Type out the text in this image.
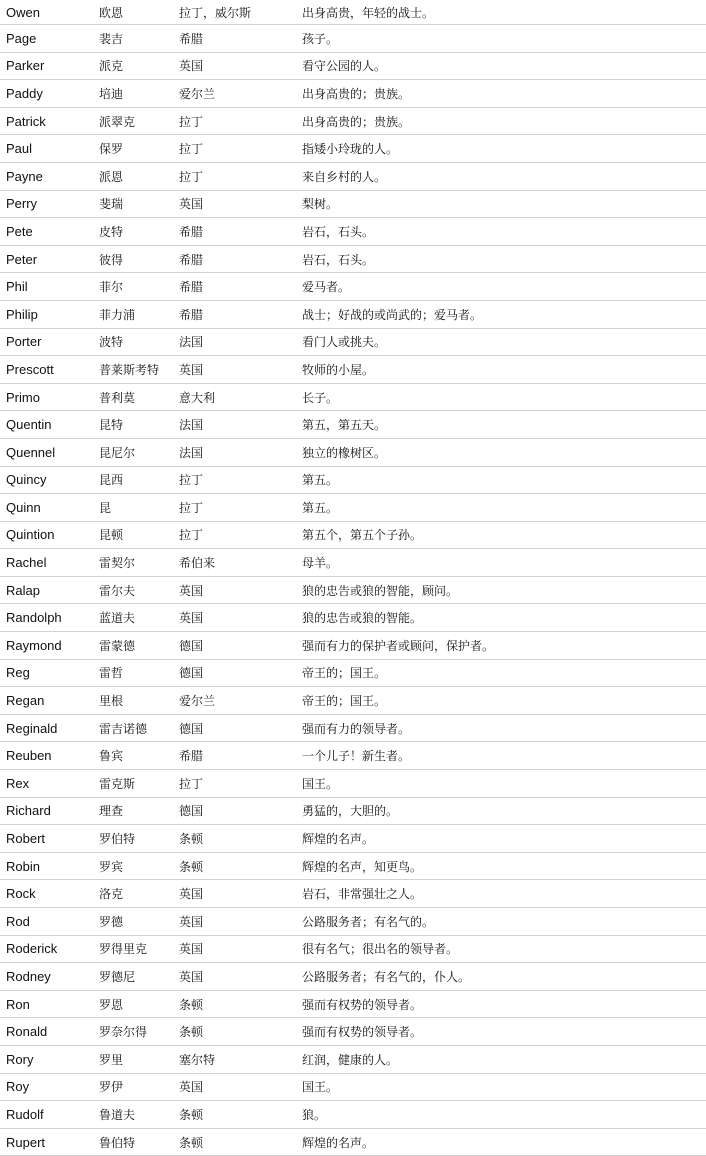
Owen	欧恩	拉丁，威尔斯	出身高贵，年轻的战士。
Page	裴吉	希腊	孩子。
Parker	派克	英国	看守公园的人。
Paddy	培迪	爱尔兰	出身高贵的；贵族。
Patrick	派翠克	拉丁	出身高贵的；贵族。
Paul	保罗	拉丁	指矮小玲珑的人。
Payne	派恩	拉丁	来自乡村的人。
Perry	斐瑞	英国	梨树。
Pete	皮特	希腊	岩石，石头。
Peter	彼得	希腊	岩石，石头。
Phil	菲尔	希腊	爱马者。
Philip	菲力浦	希腊	战士；好战的或尚武的；爱马者。
Porter	波特	法国	看门人或挑夫。
Prescott	普莱斯考特	英国	牧师的小屋。
Primo	普利莫	意大利	长子。
Quentin	昆特	法国	第五，第五天。
Quennel	昆尼尔	法国	独立的橡树区。
Quincy	昆西	拉丁	第五。
Quinn	昆	拉丁	第五。
Quintion	昆顿	拉丁	第五个，第五个子孙。
Rachel	雷契尔	希伯来	母羊。
Ralap	雷尔夫	英国	狼的忠告或狼的智能，顾问。
Randolph	蓝道夫	英国	狼的忠告或狼的智能。
Raymond	雷蒙德	德国	强而有力的保护者或顾问，保护者。
Reg	雷哲	德国	帝王的；国王。
Regan	里根	爱尔兰	帝王的；国王。
Reginald	雷吉诺德	德国	强而有力的领导者。
Reuben	鲁宾	希腊	一个儿子！新生者。
Rex	雷克斯	拉丁	国王。
Richard	理查	德国	勇猛的，大胆的。
Robert	罗伯特	条顿	辉煌的名声。
Robin	罗宾	条顿	辉煌的名声，知更鸟。
Rock	洛克	英国	岩石，非常强壮之人。
Rod	罗德	英国	公路服务者；有名气的。
Roderick	罗得里克	英国	很有名气；很出名的领导者。
Rodney	罗德尼	英国	公路服务者；有名气的，仆人。
Ron	罗恩	条顿	强而有权势的领导者。
Ronald	罗奈尔得	条顿	强而有权势的领导者。
Rory	罗里	塞尔特	红润，健康的人。
Roy	罗伊	英国	国王。
Rudolf	鲁道夫	条顿	狼。
Rupert	鲁伯特	条顿	辉煌的名声。
